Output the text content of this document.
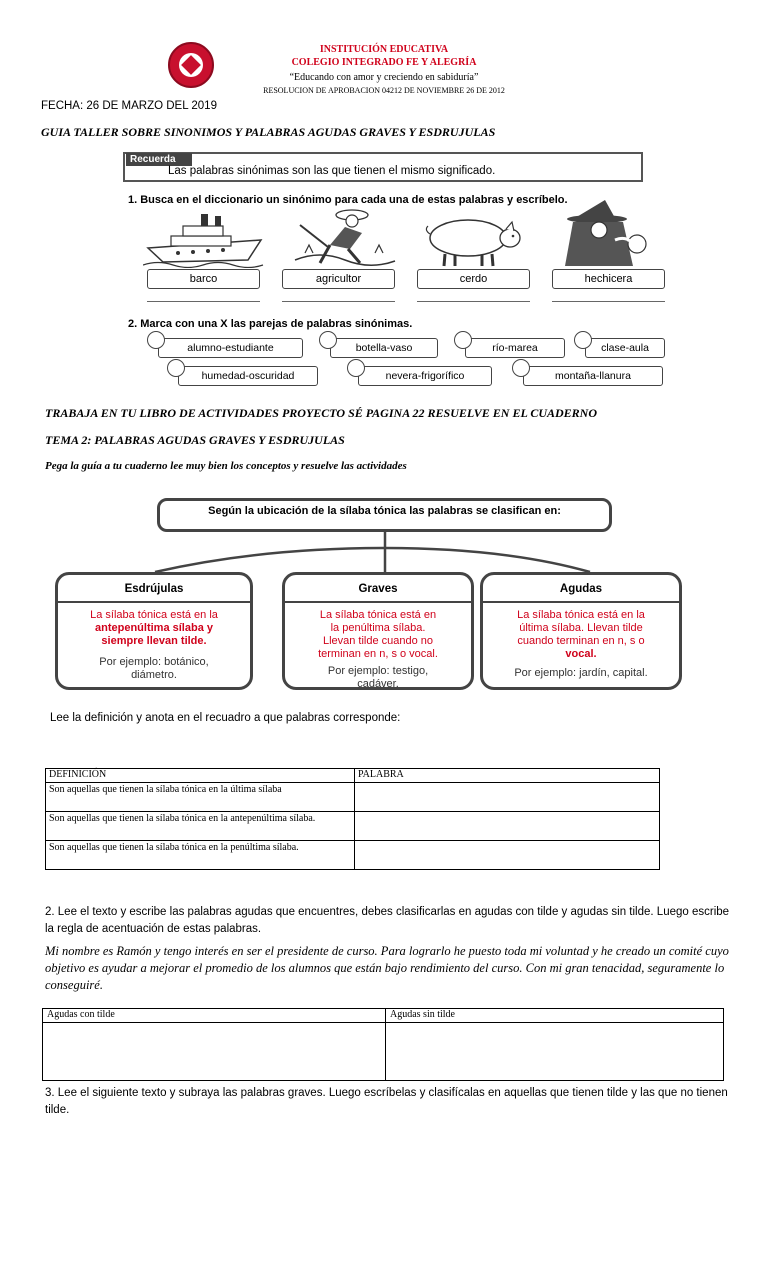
INSTITUCIÓN EDUCATIVA
COLEGIO INTEGRADO FE Y ALEGRÍA
“Educando con amor y creciendo en sabiduría”
RESOLUCION DE APROBACION 04212 DE NOVIEMBRE 26 DE 2012
FECHA: 26 DE MARZO DEL 2019
GUIA TALLER SOBRE SINONIMOS Y PALABRAS AGUDAS GRAVES Y ESDRUJULAS
Recuerda
Las palabras sinónimas son las que tienen el mismo significado.
1. Busca en el diccionario un sinónimo para cada una de estas palabras y escríbelo.
barco	agricultor	cerdo	hechicera
2. Marca con una X las parejas de palabras sinónimas.
alumno-estudiante	botella-vaso	río-marea	clase-aula
humedad-oscuridad	nevera-frigorífico	montaña-llanura
TRABAJA EN TU LIBRO DE ACTIVIDADES PROYECTO SÉ PAGINA 22 RESUELVE EN EL CUADERNO
TEMA 2: PALABRAS AGUDAS GRAVES Y ESDRUJULAS
Pega la guía a tu cuaderno lee muy bien los conceptos y resuelve las actividades
Según la ubicación de la sílaba tónica las palabras se clasifican en:
Esdrújulas
La sílaba tónica está en la
antepenúltima sílaba y
siempre llevan tilde.
Por ejemplo: botánico,
diámetro.
Graves
La sílaba tónica está en
la penúltima sílaba.
Llevan tilde cuando no
terminan en n, s o vocal.
Por ejemplo: testigo,
cadáver.
Agudas
La sílaba tónica está en la
última sílaba. Llevan tilde
cuando terminan en n, s o
vocal.
Por ejemplo: jardín, capital.
Lee la definición y anota en el recuadro a que palabras corresponde:
DEFINICIÓN	PALABRA
Son aquellas que tienen la sílaba tónica en la última sílaba	
Son aquellas que tienen la sílaba tónica en la antepenúltima sílaba.	
Son aquellas que tienen la sílaba tónica en la penúltima sílaba.	
2. Lee el texto y escribe las palabras agudas que encuentres, debes clasificarlas en agudas con tilde y agudas sin tilde. Luego escribe la regla de acentuación de estas palabras.
Mi nombre es Ramón y tengo interés en ser el presidente de curso. Para lograrlo he puesto toda mi voluntad y he creado un comité cuyo objetivo es ayudar a mejorar el promedio de los alumnos que están bajo rendimiento del curso. Con mi gran tenacidad, seguramente lo conseguiré.
Agudas con tilde	Agudas sin tilde

3. Lee el siguiente texto y subraya las palabras graves. Luego escríbelas y clasifícalas en aquellas que tienen tilde y las que no tienen tilde.
